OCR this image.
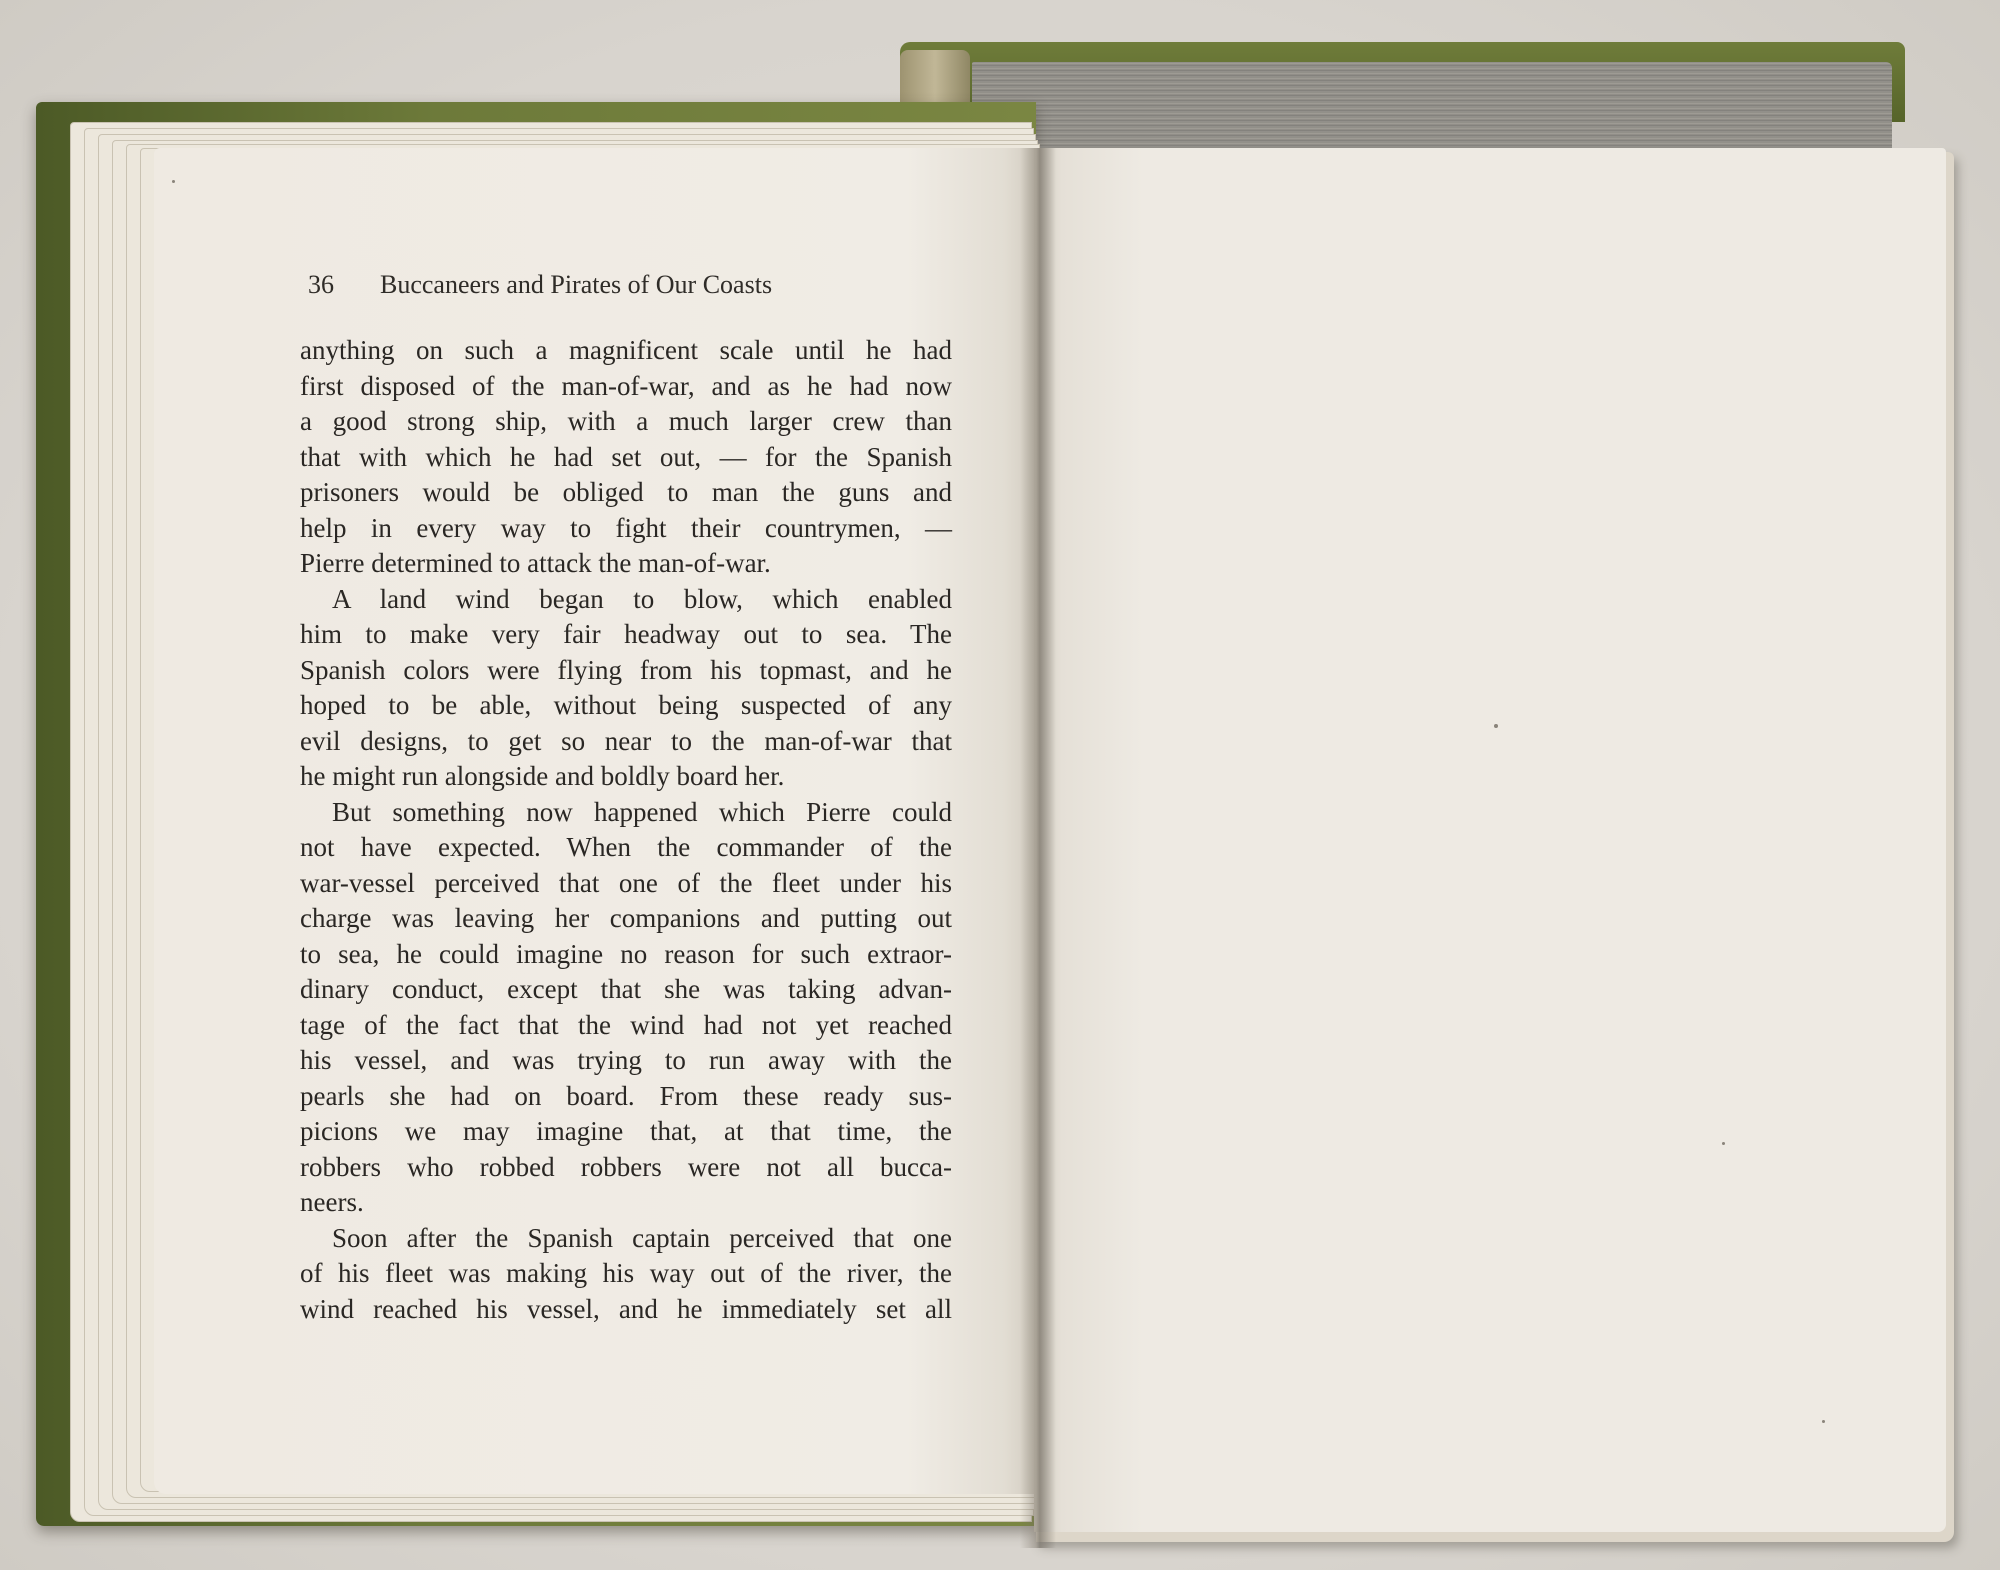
36 Buccaneers and Pirates of Our Coasts
anything on such a magnificent scale until he had
first disposed of the man-of-war, and as he had now
a good strong ship, with a much larger crew than
that with which he had set out, — for the Spanish
prisoners would be obliged to man the guns and
help in every way to fight their countrymen, —
Pierre determined to attack the man-of-war.
A land wind began to blow, which enabled
him to make very fair headway out to sea. The
Spanish colors were flying from his topmast, and he
hoped to be able, without being suspected of any
evil designs, to get so near to the man-of-war that
he might run alongside and boldly board her.
But something now happened which Pierre could
not have expected. When the commander of the
war-vessel perceived that one of the fleet under his
charge was leaving her companions and putting out
to sea, he could imagine no reason for such extraor-
dinary conduct, except that she was taking advan-
tage of the fact that the wind had not yet reached
his vessel, and was trying to run away with the
pearls she had on board. From these ready sus-
picions we may imagine that, at that time, the
robbers who robbed robbers were not all bucca-
neers.
Soon after the Spanish captain perceived that one
of his fleet was making his way out of the river, the
wind reached his vessel, and he immediately set all
